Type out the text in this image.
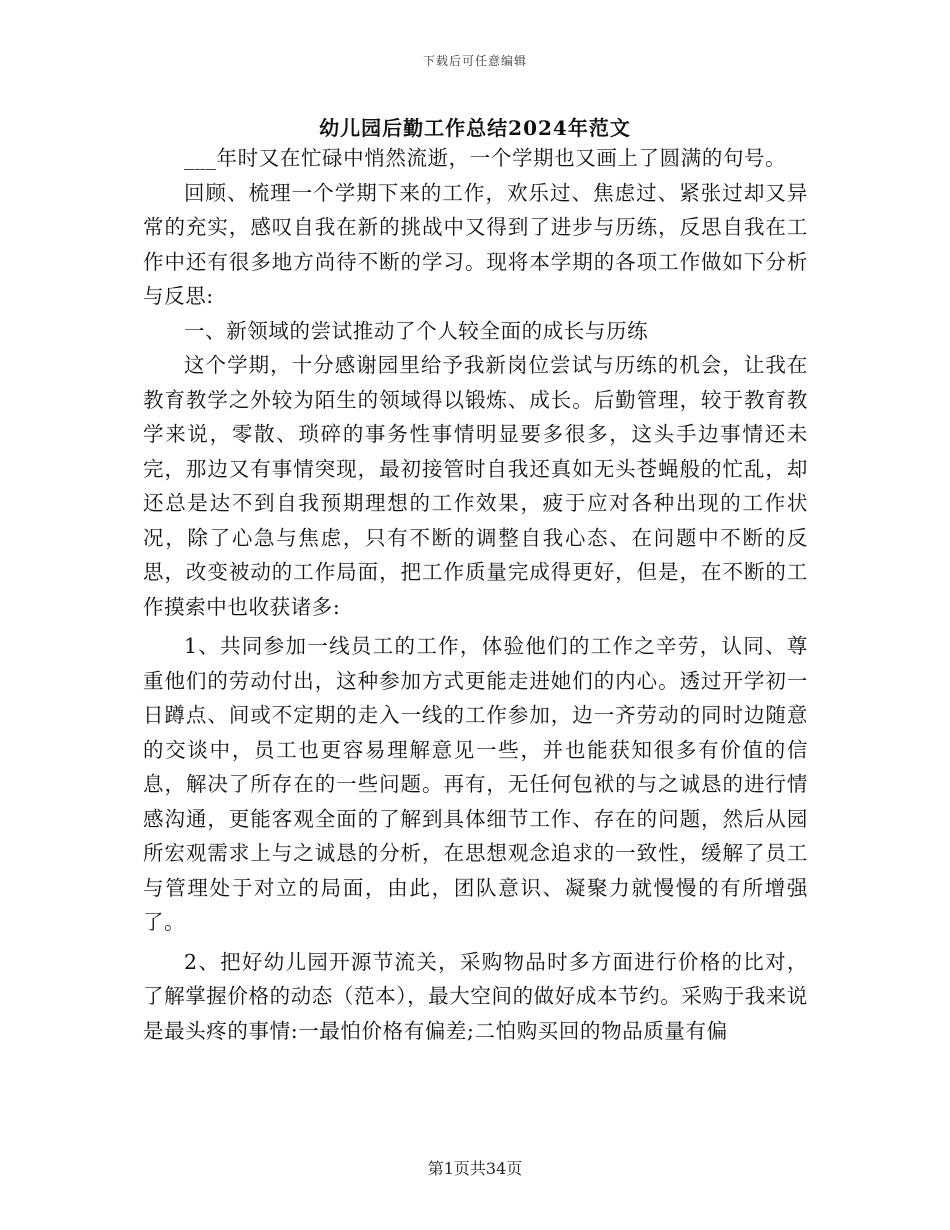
下载后可任意编辑
幼儿园后勤工作总结2024年范文

___年时又在忙碌中悄然流逝，一个学期也又画上了圆满的句号。

回顾、梳理一个学期下来的工作，欢乐过、焦虑过、紧张过却又异常的充实，感叹自我在新的挑战中又得到了进步与历练，反思自我在工作中还有很多地方尚待不断的学习。现将本学期的各项工作做如下分析与反思:

一、新领域的尝试推动了个人较全面的成长与历练

这个学期，十分感谢园里给予我新岗位尝试与历练的机会，让我在教育教学之外较为陌生的领域得以锻炼、成长。后勤管理，较于教育教学来说，零散、琐碎的事务性事情明显要多很多，这头手边事情还未完，那边又有事情突现，最初接管时自我还真如无头苍蝇般的忙乱，却还总是达不到自我预期理想的工作效果，疲于应对各种出现的工作状况，除了心急与焦虑，只有不断的调整自我心态、在问题中不断的反思，改变被动的工作局面，把工作质量完成得更好，但是，在不断的工作摸索中也收获诸多:

1、共同参加一线员工的工作，体验他们的工作之辛劳，认同、尊重他们的劳动付出，这种参加方式更能走进她们的内心。透过开学初一日蹲点、间或不定期的走入一线的工作参加，边一齐劳动的同时边随意的交谈中，员工也更容易理解意见一些，并也能获知很多有价值的信息，解决了所存在的一些问题。再有，无任何包袱的与之诚恳的进行情感沟通，更能客观全面的了解到具体细节工作、存在的问题，然后从园所宏观需求上与之诚恳的分析，在思想观念追求的一致性，缓解了员工与管理处于对立的局面，由此，团队意识、凝聚力就慢慢的有所增强了。

2、把好幼儿园开源节流关，采购物品时多方面进行价格的比对，了解掌握价格的动态（范本），最大空间的做好成本节约。采购于我来说是最头疼的事情:一最怕价格有偏差;二怕购买回的物品质量有偏

第1页共34页
